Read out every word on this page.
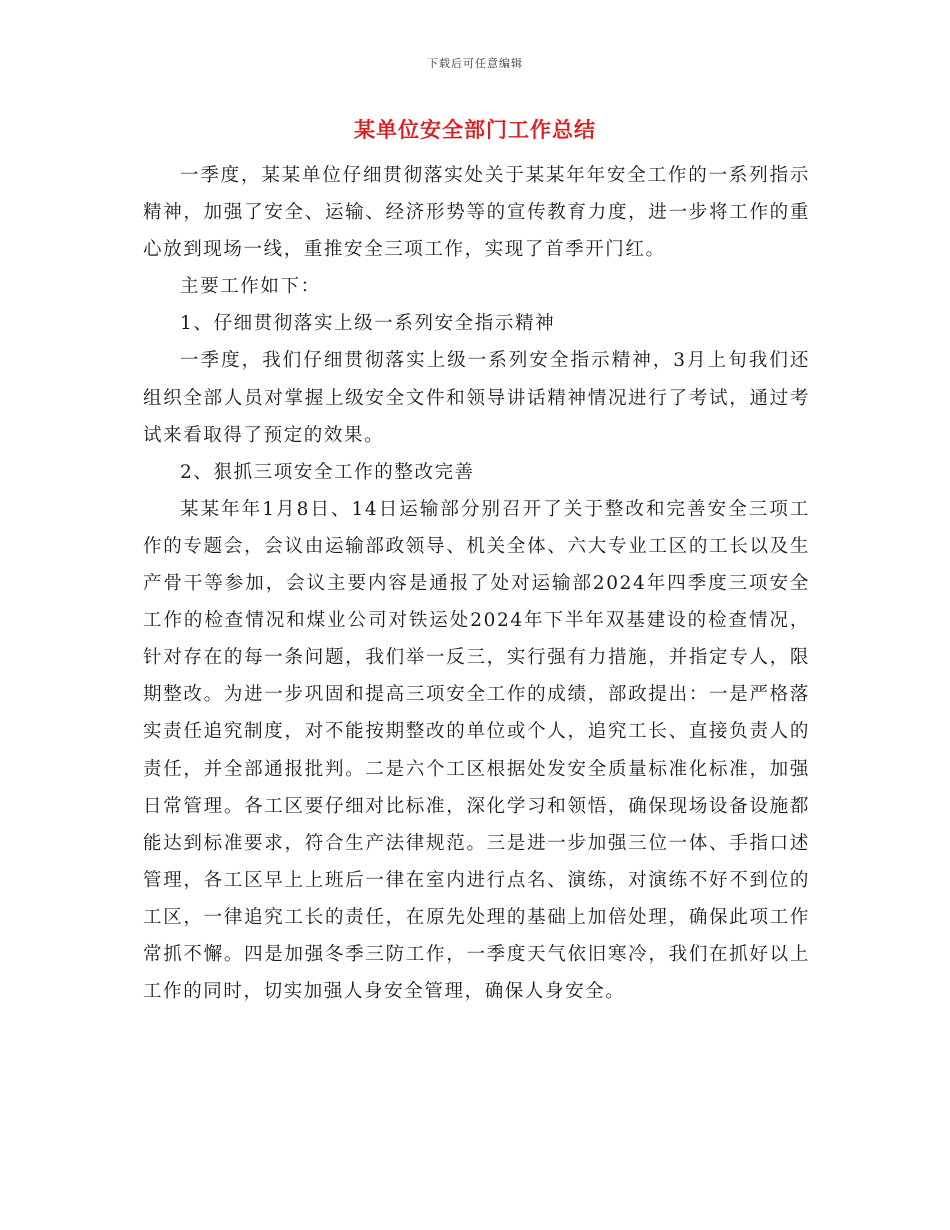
下载后可任意编辑
某单位安全部门工作总结

一季度，某某单位仔细贯彻落实处关于某某年年安全工作的一系列指示精神，加强了安全、运输、经济形势等的宣传教育力度，进一步将工作的重心放到现场一线，重推安全三项工作，实现了首季开门红。

主要工作如下：

1、仔细贯彻落实上级一系列安全指示精神

一季度，我们仔细贯彻落实上级一系列安全指示精神，3月上旬我们还组织全部人员对掌握上级安全文件和领导讲话精神情况进行了考试，通过考试来看取得了预定的效果。

2、狠抓三项安全工作的整改完善

某某年年1月8日、14日运输部分别召开了关于整改和完善安全三项工作的专题会，会议由运输部政领导、机关全体、六大专业工区的工长以及生产骨干等参加，会议主要内容是通报了处对运输部2024年四季度三项安全工作的检查情况和煤业公司对铁运处2024年下半年双基建设的检查情况，针对存在的每一条问题，我们举一反三，实行强有力措施，并指定专人，限期整改。为进一步巩固和提高三项安全工作的成绩，部政提出：一是严格落实责任追究制度，对不能按期整改的单位或个人，追究工长、直接负责人的责任，并全部通报批判。二是六个工区根据处发安全质量标准化标准，加强日常管理。各工区要仔细对比标准，深化学习和领悟，确保现场设备设施都能达到标准要求，符合生产法律规范。三是进一步加强三位一体、手指口述管理，各工区早上上班后一律在室内进行点名、演练，对演练不好不到位的工区，一律追究工长的责任，在原先处理的基础上加倍处理，确保此项工作常抓不懈。四是加强冬季三防工作，一季度天气依旧寒冷，我们在抓好以上工作的同时，切实加强人身安全管理，确保人身安全。
